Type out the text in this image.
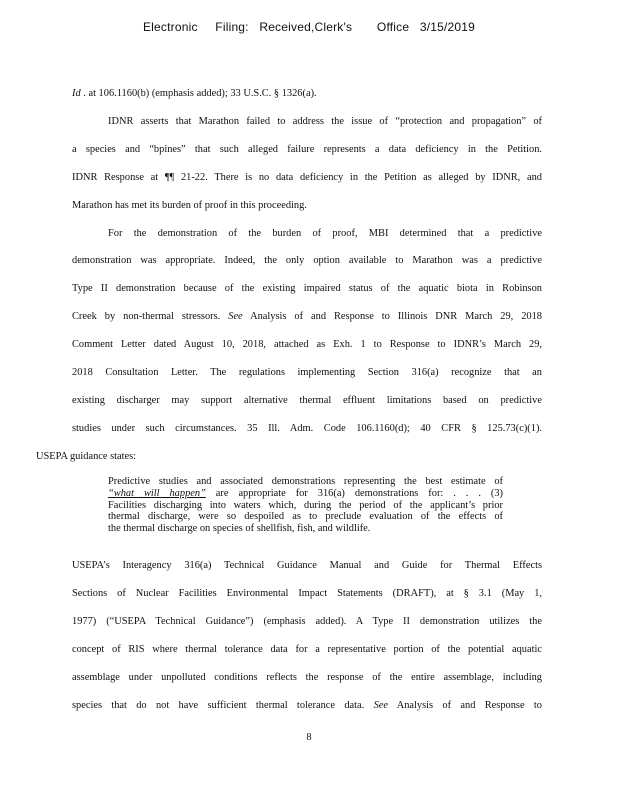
Electronic     Filing:   Received,Clerk's       Office   3/15/2019

Id . at 106.1160(b) (emphasis added); 33 U.S.C. § 1326(a).

IDNR asserts that Marathon failed to address the issue of “protection and propagation” of
a species and “bpines” that such alleged failure represents a data deficiency in the Petition.
IDNR Response at ¶¶ 21-22. There is no data deficiency in the Petition as alleged by IDNR, and
Marathon has met its burden of proof in this proceeding.

For the demonstration of the burden of proof, MBI determined that a predictive
demonstration was appropriate. Indeed, the only option available to Marathon was a predictive
Type II demonstration because of the existing impaired status of the aquatic biota in Robinson
Creek by non-thermal stressors. See Analysis of and Response to Illinois DNR March 29, 2018
Comment Letter dated August 10, 2018, attached as Exh. 1 to Response to IDNR’s March 29,
2018 Consultation Letter. The regulations implementing Section 316(a) recognize that an
existing discharger may support alternative thermal effluent limitations based on predictive
studies under such circumstances. 35 Ill. Adm. Code 106.1160(d); 40 CFR § 125.73(c)(1).
USEPA guidance states:

Predictive studies and associated demonstrations representing the best estimate of
“what will happen” are appropriate for 316(a) demonstrations for: . . . (3)
Facilities discharging into waters which, during the period of the applicant’s prior
thermal discharge, were so despoiled as to preclude evaluation of the effects of
the thermal discharge on species of shellfish, fish, and wildlife.
USEPA’s Interagency 316(a) Technical Guidance Manual and Guide for Thermal Effects
Sections of Nuclear Facilities Environmental Impact Statements (DRAFT), at § 3.1 (May 1,
1977) (“USEPA Technical Guidance”) (emphasis added). A Type II demonstration utilizes the
concept of RIS where thermal tolerance data for a representative portion of the potential aquatic
assemblage under unpolluted conditions reflects the response of the entire assemblage, including
species that do not have sufficient thermal tolerance data. See Analysis of and Response to
8
